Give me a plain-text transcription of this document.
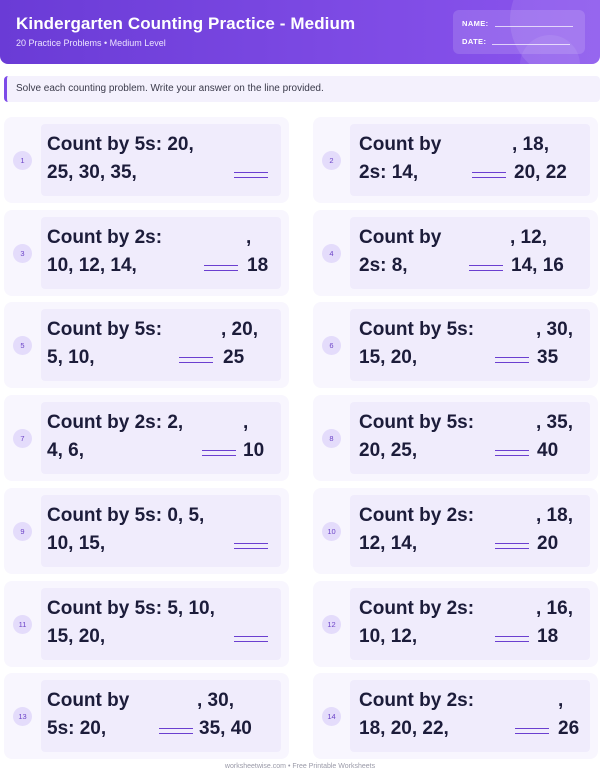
Kindergarten Counting Practice - Medium
20 Practice Problems • Medium Level
NAME:
DATE:
Solve each counting problem. Write your answer on the line provided.
1
Count by 5s: 20,
25, 30, 35,
2
Count by	, 18,
2s: 14,	20, 22
3
Count by 2s:	,
10, 12, 14,	18
4
Count by	, 12,
2s: 8,	14, 16
5
Count by 5s:	, 20,
5, 10,	25
6
Count by 5s:	, 30,
15, 20,	35
7
Count by 2s: 2,	,
4, 6,	10
8
Count by 5s:	, 35,
20, 25,	40
9
Count by 5s: 0, 5,
10, 15,
10
Count by 2s:	, 18,
12, 14,	20
11
Count by 5s: 5, 10,
15, 20,
12
Count by 2s:	, 16,
10, 12,	18
13
Count by	, 30,
5s: 20,	35, 40
14
Count by 2s:	,
18, 20, 22,	26
worksheetwise.com • Free Printable Worksheets
